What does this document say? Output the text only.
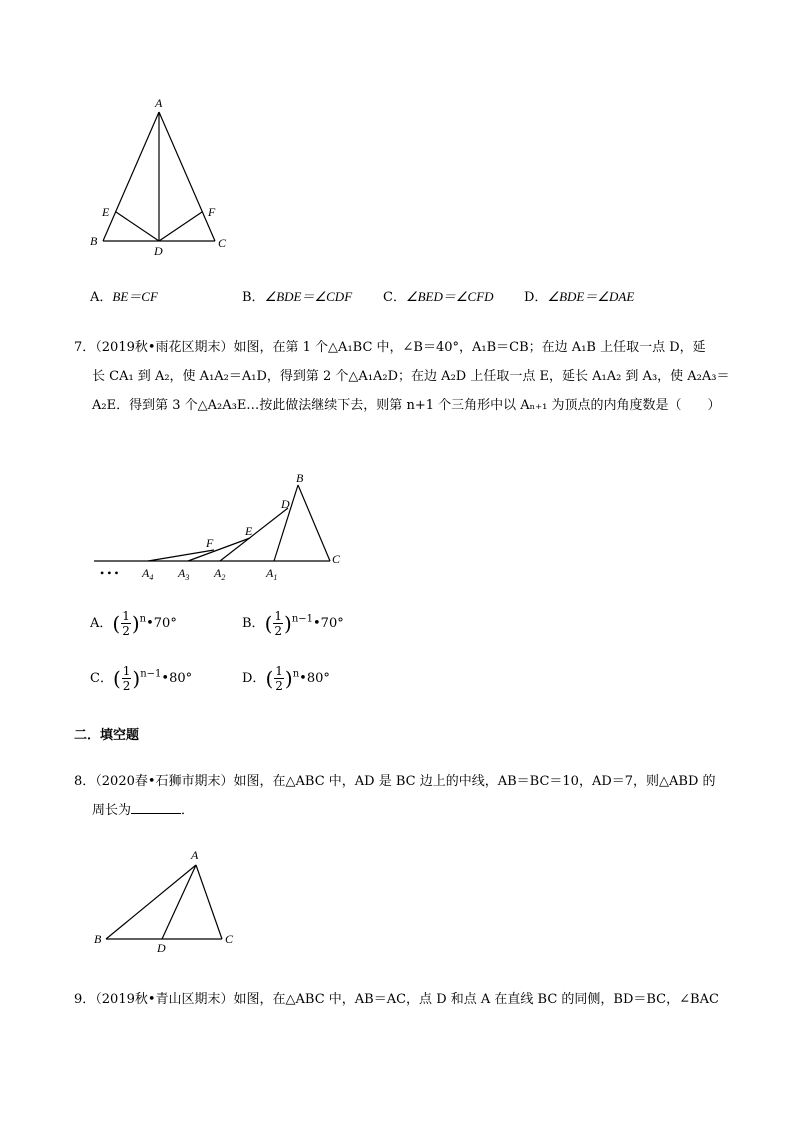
A
E	F
B
D
C
A．BE＝CF	B．∠BDE＝∠CDF C．∠BED＝∠CFD D．∠BDE＝∠DAE
7．（2019秋•雨花区期末）如图，在第 1 个△A₁BC 中，∠B＝40°，A₁B＝CB；在边 A₁B 上任取一点 D，延
长 CA₁ 到 A₂，使 A₁A₂＝A₁D，得到第 2 个△A₁A₂D；在边 A₂D 上任取一点 E，延长 A₁A₂ 到 A₃，使 A₂A₃＝
A₂E．得到第 3 个△A₂A₃E…按此做法继续下去，则第 n+1 个三角形中以 Aₙ₊₁ 为顶点的内角度数是（　　）
B
D
E
F
C
• • • $A_4$ $A_3$ $A_2$	$A_1$
A．( $\frac{1}{2}$ )$^n$•70°	B．( $\frac{1}{2}$ )$^{n-1}$•70°
C．( $\frac{1}{2}$ )$^{n-1}$•80°	D．( $\frac{1}{2}$ )$^n$•80°
二．填空题
8．（2020春•石狮市期末）如图，在△ABC 中，AD 是 BC 边上的中线，AB＝BC＝10，AD＝7，则△ABD 的
周长为	．
A
B
D
C
9．（2019秋•青山区期末）如图，在△ABC 中，AB＝AC，点 D 和点 A 在直线 BC 的同侧，BD＝BC，∠BAC
